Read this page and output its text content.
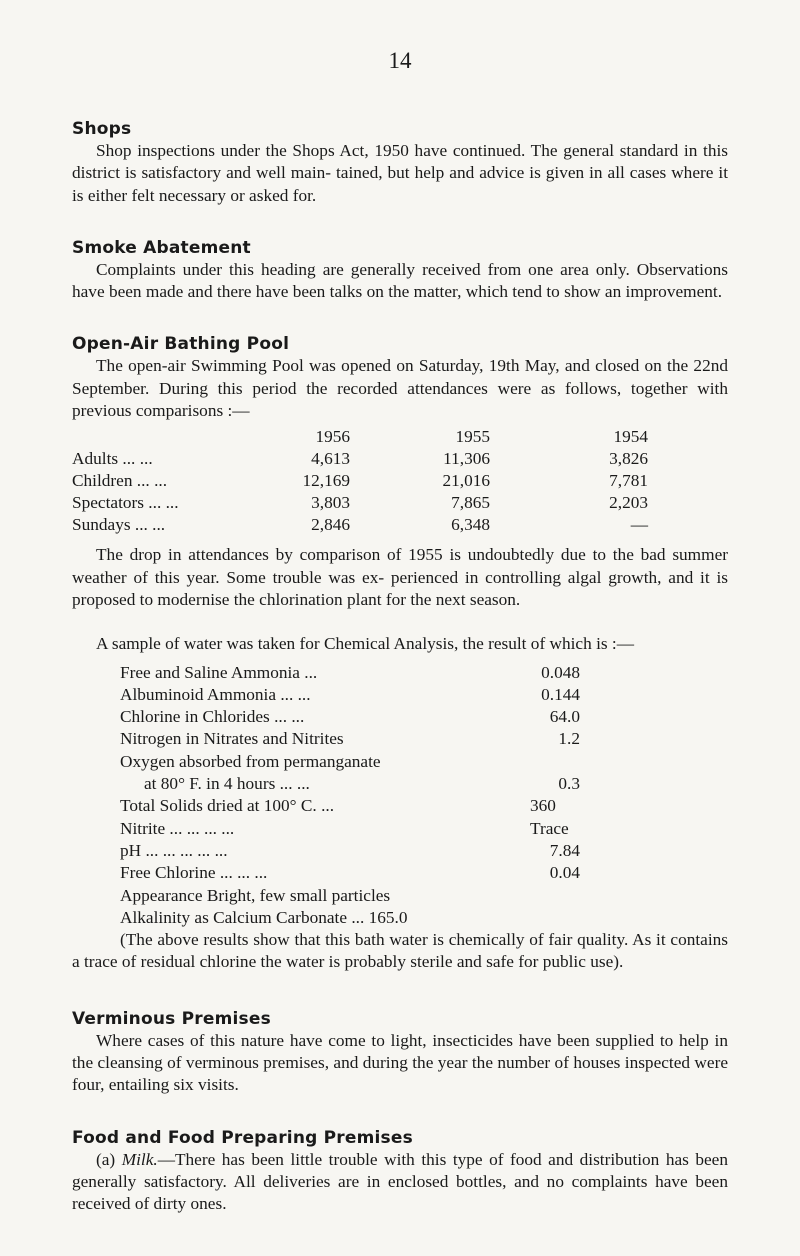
14
Shops

Shop inspections under the Shops Act, 1950 have continued. The general standard in this district is satisfactory and well main- tained, but help and advice is given in all cases where it is either felt necessary or asked for.

Smoke Abatement

Complaints under this heading are generally received from one area only. Observations have been made and there have been talks on the matter, which tend to show an improvement.

Open-Air Bathing Pool

The open-air Swimming Pool was opened on Saturday, 19th May, and closed on the 22nd September. During this period the recorded attendances were as follows, together with previous comparisons :—

	1956	1955	1954
Adults ... ...	4,613	11,306	3,826
Children ... ...	12,169	21,016	7,781
Spectators ... ...	3,803	7,865	2,203
Sundays ... ...	2,846	6,348	—

The drop in attendances by comparison of 1955 is undoubtedly due to the bad summer weather of this year. Some trouble was ex- perienced in controlling algal growth, and it is proposed to modernise the chlorination plant for the next season.

A sample of water was taken for Chemical Analysis, the result of which is :—

Free and Saline Ammonia ...	0.048
Albuminoid Ammonia ... ...	0.144
Chlorine in Chlorides ... ...	64.0
Nitrogen in Nitrates and Nitrites	1.2
Oxygen absorbed from permanganate
at 80° F. in 4 hours ... ...	0.3
Total Solids dried at 100° C. ...	360
Nitrite ... ... ... ...	Trace
pH ... ... ... ... ...	7.84
Free Chlorine ... ... ...	0.04
Appearance Bright, few small particles
Alkalinity as Calcium Carbonate ... 165.0

(The above results show that this bath water is chemically of fair quality. As it contains a trace of residual chlorine the water is probably sterile and safe for public use).

Verminous Premises

Where cases of this nature have come to light, insecticides have been supplied to help in the cleansing of verminous premises, and during the year the number of houses inspected were four, entailing six visits.

Food and Food Preparing Premises

(a) Milk.—There has been little trouble with this type of food and distribution has been generally satisfactory. All deliveries are in enclosed bottles, and no complaints have been received of dirty ones.
